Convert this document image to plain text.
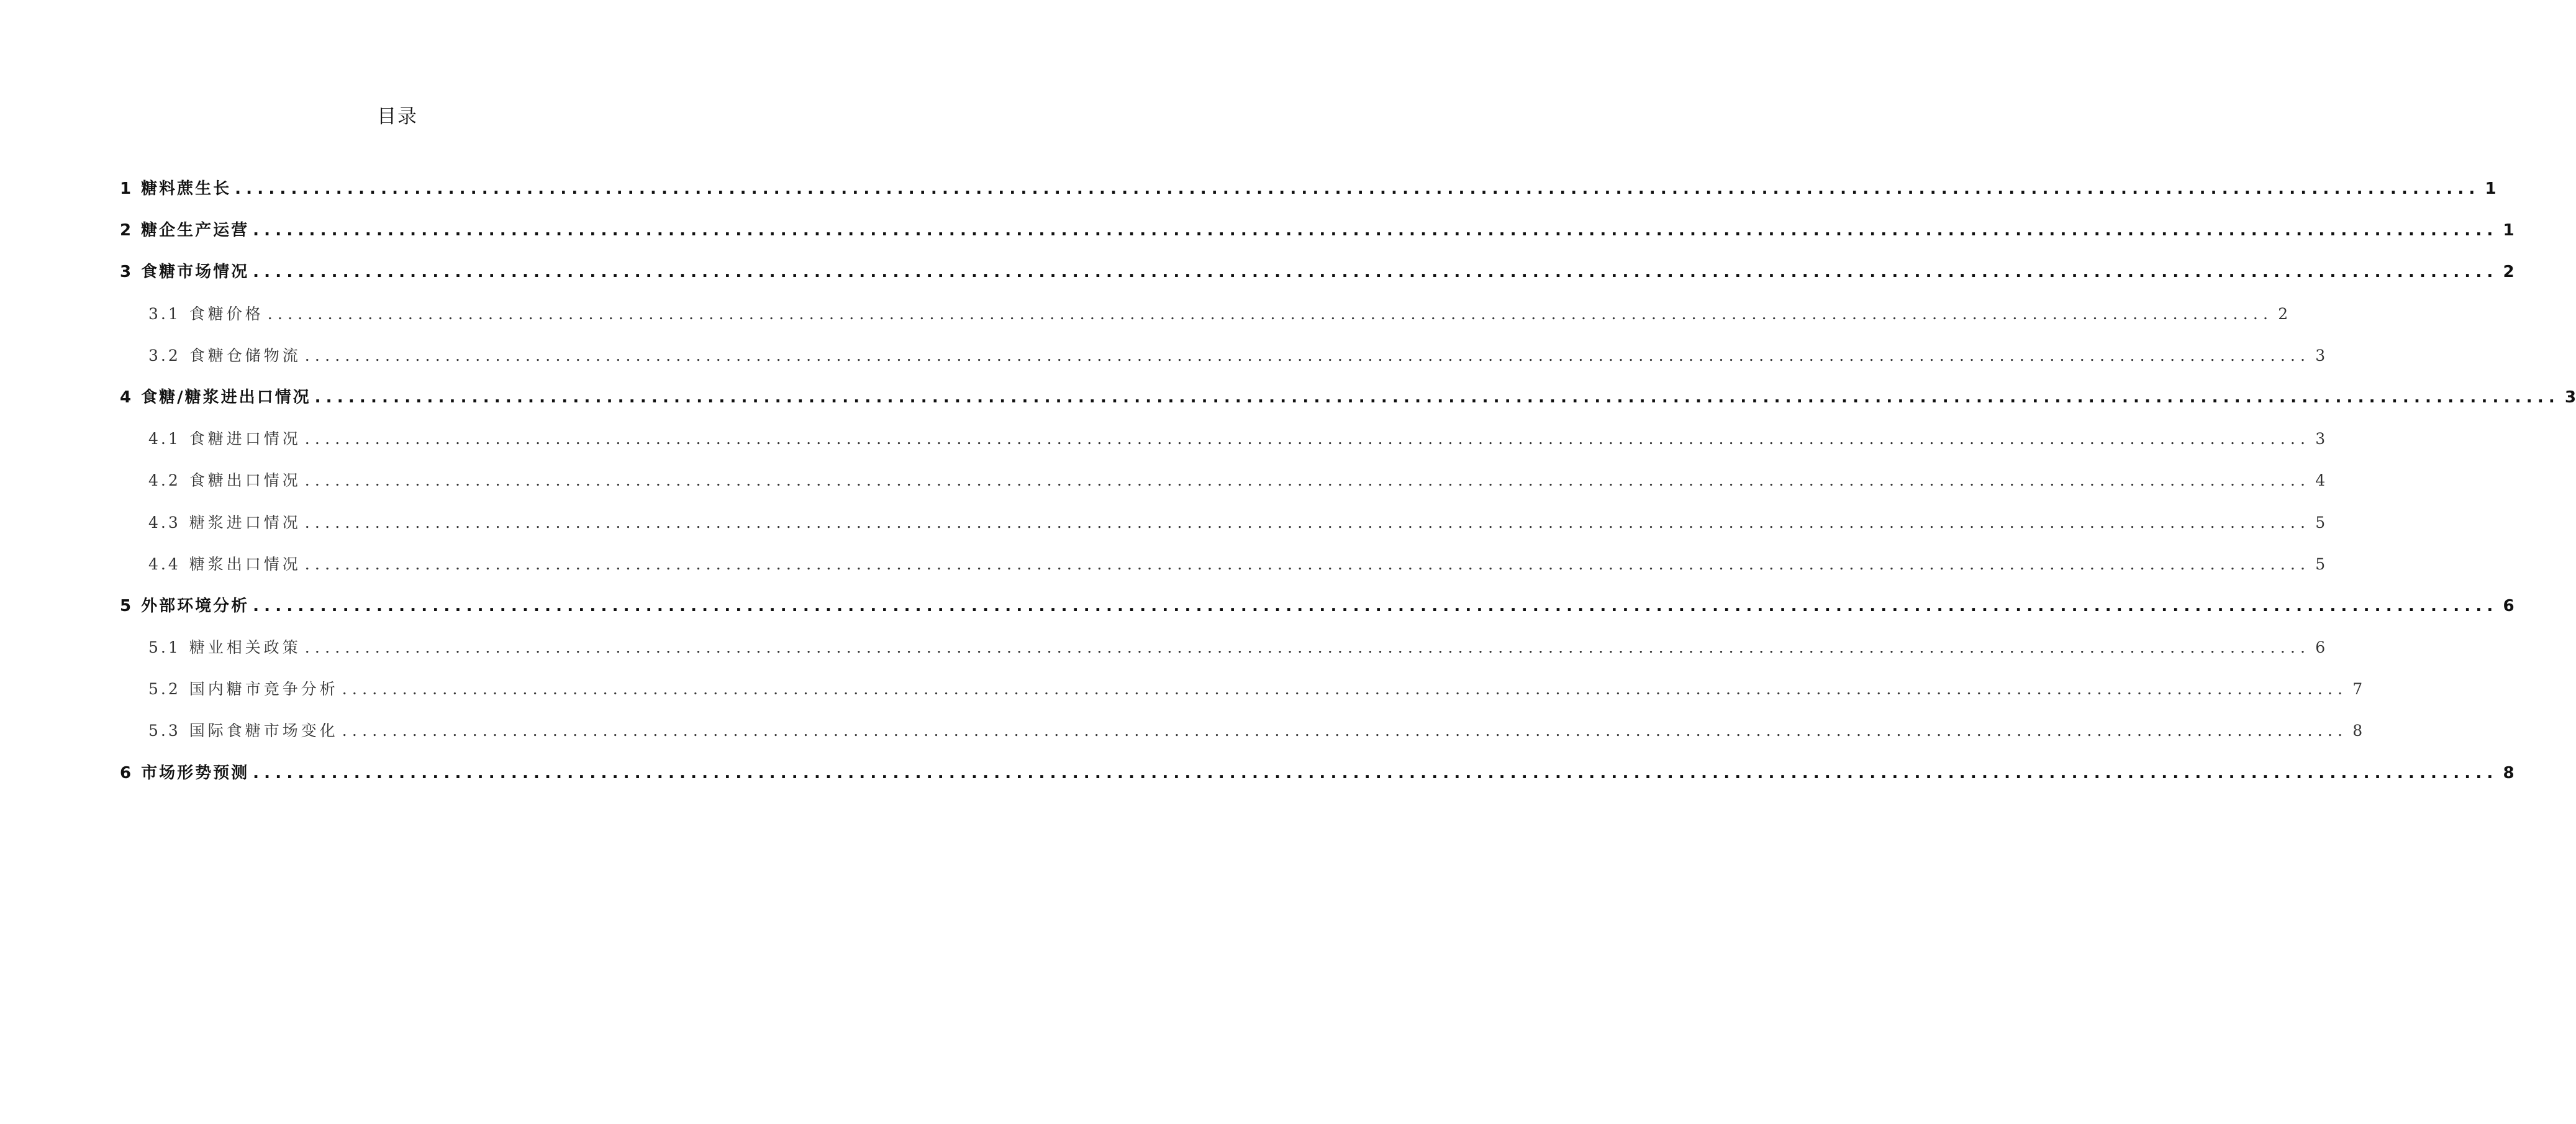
目录
1 糖料蔗生长 ........................................................................................................................................................................................................ 1
2 糖企生产运营 ........................................................................................................................................................................................................ 1
3 食糖市场情况 ........................................................................................................................................................................................................ 2
3.1 食糖价格 ........................................................................................................................................................................................................ 2
3.2 食糖仓储物流 ........................................................................................................................................................................................................ 3
4 食糖/糖浆进出口情况 ........................................................................................................................................................................................................ 3
4.1 食糖进口情况 ........................................................................................................................................................................................................ 3
4.2 食糖出口情况 ........................................................................................................................................................................................................ 4
4.3 糖浆进口情况 ........................................................................................................................................................................................................ 5
4.4 糖浆出口情况 ........................................................................................................................................................................................................ 5
5 外部环境分析 ........................................................................................................................................................................................................ 6
5.1 糖业相关政策 ........................................................................................................................................................................................................ 6
5.2 国内糖市竞争分析 ........................................................................................................................................................................................................ 7
5.3 国际食糖市场变化 ........................................................................................................................................................................................................ 8
6 市场形势预测 ........................................................................................................................................................................................................ 8
